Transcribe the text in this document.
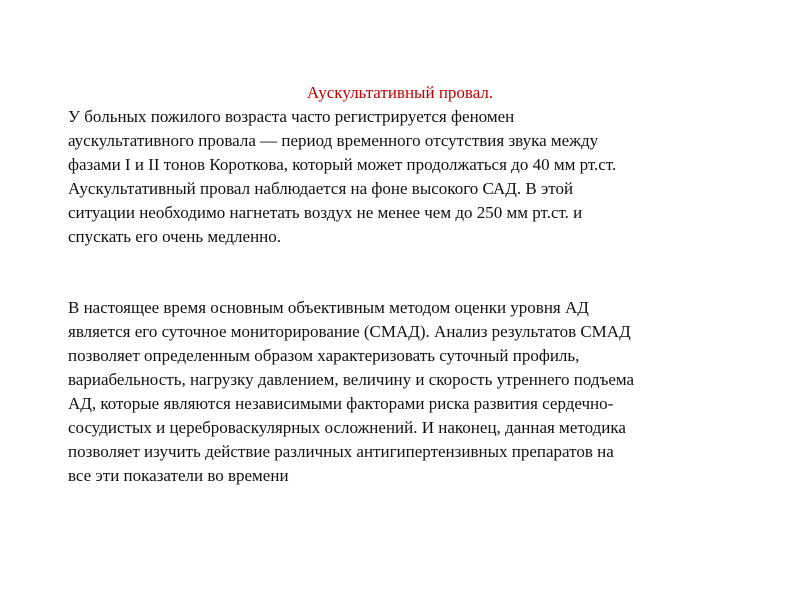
Аускультативный провал.

У больных пожилого возраста часто регистрируется феномен
аускультативного провала — период временного отсутствия звука между
фазами I и II тонов Короткова, который может продолжаться до 40 мм рт.ст.
Аускультативный провал наблюдается на фоне высокого САД. В этой
ситуации необходимо нагнетать воздух не менее чем до 250 мм рт.ст. и
спускать его очень медленно.

В настоящее время основным объективным методом оценки уровня АД
является его суточное мониторирование (СМАД). Анализ результатов СМАД
позволяет определенным образом характеризовать суточный профиль,
вариабельность, нагрузку давлением, величину и скорость утреннего подъема
АД, которые являются независимыми факторами риска развития сердечно-
сосудистых и цереброваскулярных осложнений. И наконец, данная методика
позволяет изучить действие различных антигипертензивных препаратов на
все эти показатели во времени
